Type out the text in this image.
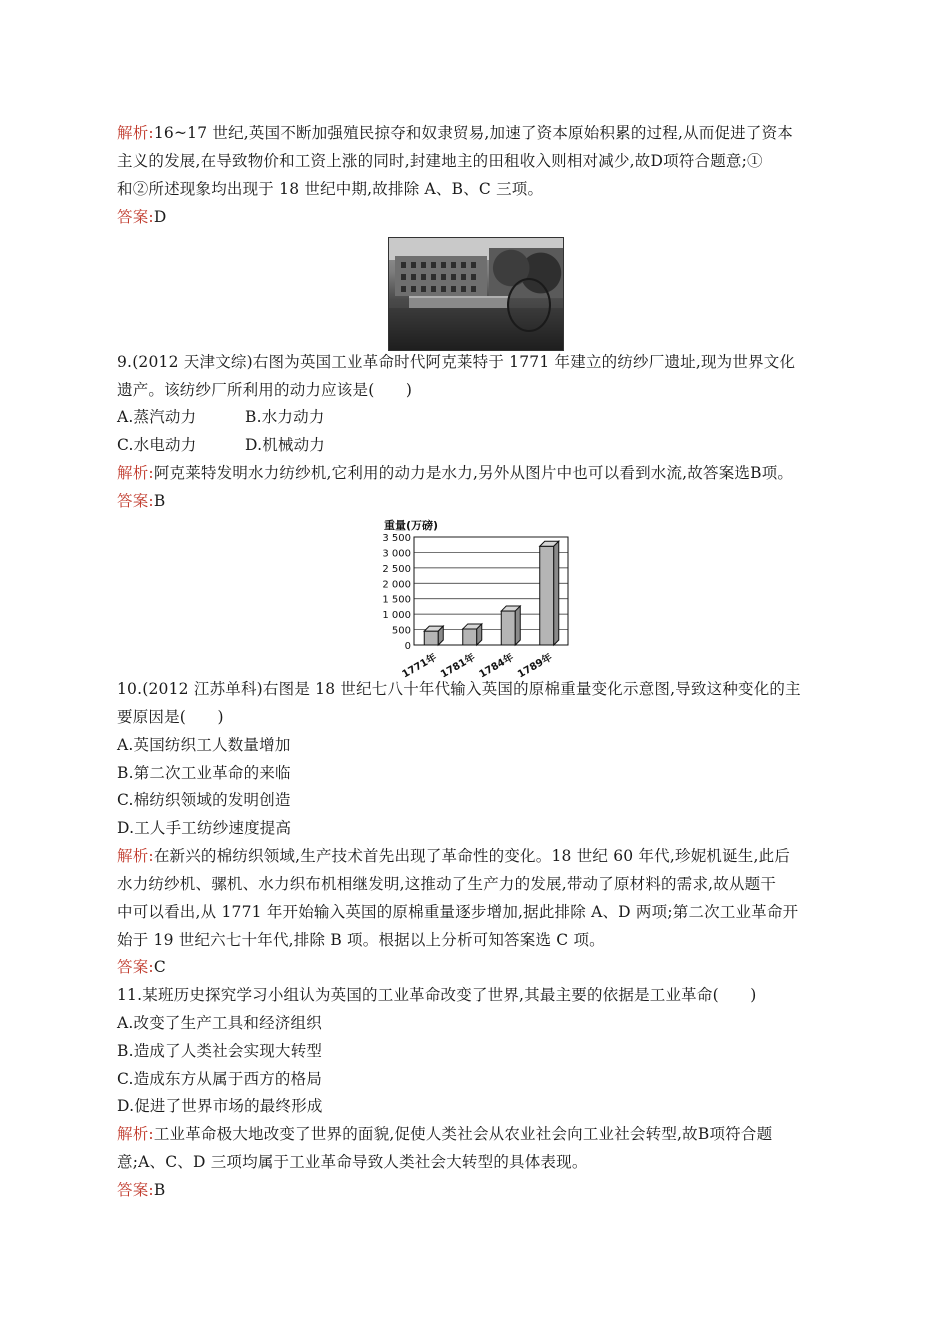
解析:16~17 世纪,英国不断加强殖民掠夺和奴隶贸易,加速了资本原始积累的过程,从而促进了资本
主义的发展,在导致物价和工资上涨的同时,封建地主的田租收入则相对减少,故D项符合题意;①
和②所述现象均出现于 18 世纪中期,故排除 A、B、C 三项。
答案:D
9.(2012 天津文综)右图为英国工业革命时代阿克莱特于 1771 年建立的纺纱厂遗址,现为世界文化
遗产。该纺纱厂所利用的动力应该是(　　)
A.蒸汽动力	B.水力动力
C.水电动力	D.机械动力
解析:阿克莱特发明水力纺纱机,它利用的动力是水力,另外从图片中也可以看到水流,故答案选B项。
答案:B
重量(万磅)
500
1 000
1 500
2 000
2 500
3 000
3 500
0
1771年 1781年 1784年 1789年
10.(2012 江苏单科)右图是 18 世纪七八十年代输入英国的原棉重量变化示意图,导致这种变化的主
要原因是(　　)
A.英国纺织工人数量增加
B.第二次工业革命的来临
C.棉纺织领域的发明创造
D.工人手工纺纱速度提高
解析:在新兴的棉纺织领域,生产技术首先出现了革命性的变化。18 世纪 60 年代,珍妮机诞生,此后
水力纺纱机、骡机、水力织布机相继发明,这推动了生产力的发展,带动了原材料的需求,故从题干
中可以看出,从 1771 年开始输入英国的原棉重量逐步增加,据此排除 A、D 两项;第二次工业革命开
始于 19 世纪六七十年代,排除 B 项。根据以上分析可知答案选 C 项。
答案:C
11.某班历史探究学习小组认为英国的工业革命改变了世界,其最主要的依据是工业革命(　　)
A.改变了生产工具和经济组织
B.造成了人类社会实现大转型
C.造成东方从属于西方的格局
D.促进了世界市场的最终形成
解析:工业革命极大地改变了世界的面貌,促使人类社会从农业社会向工业社会转型,故B项符合题
意;A、C、D 三项均属于工业革命导致人类社会大转型的具体表现。
答案:B
